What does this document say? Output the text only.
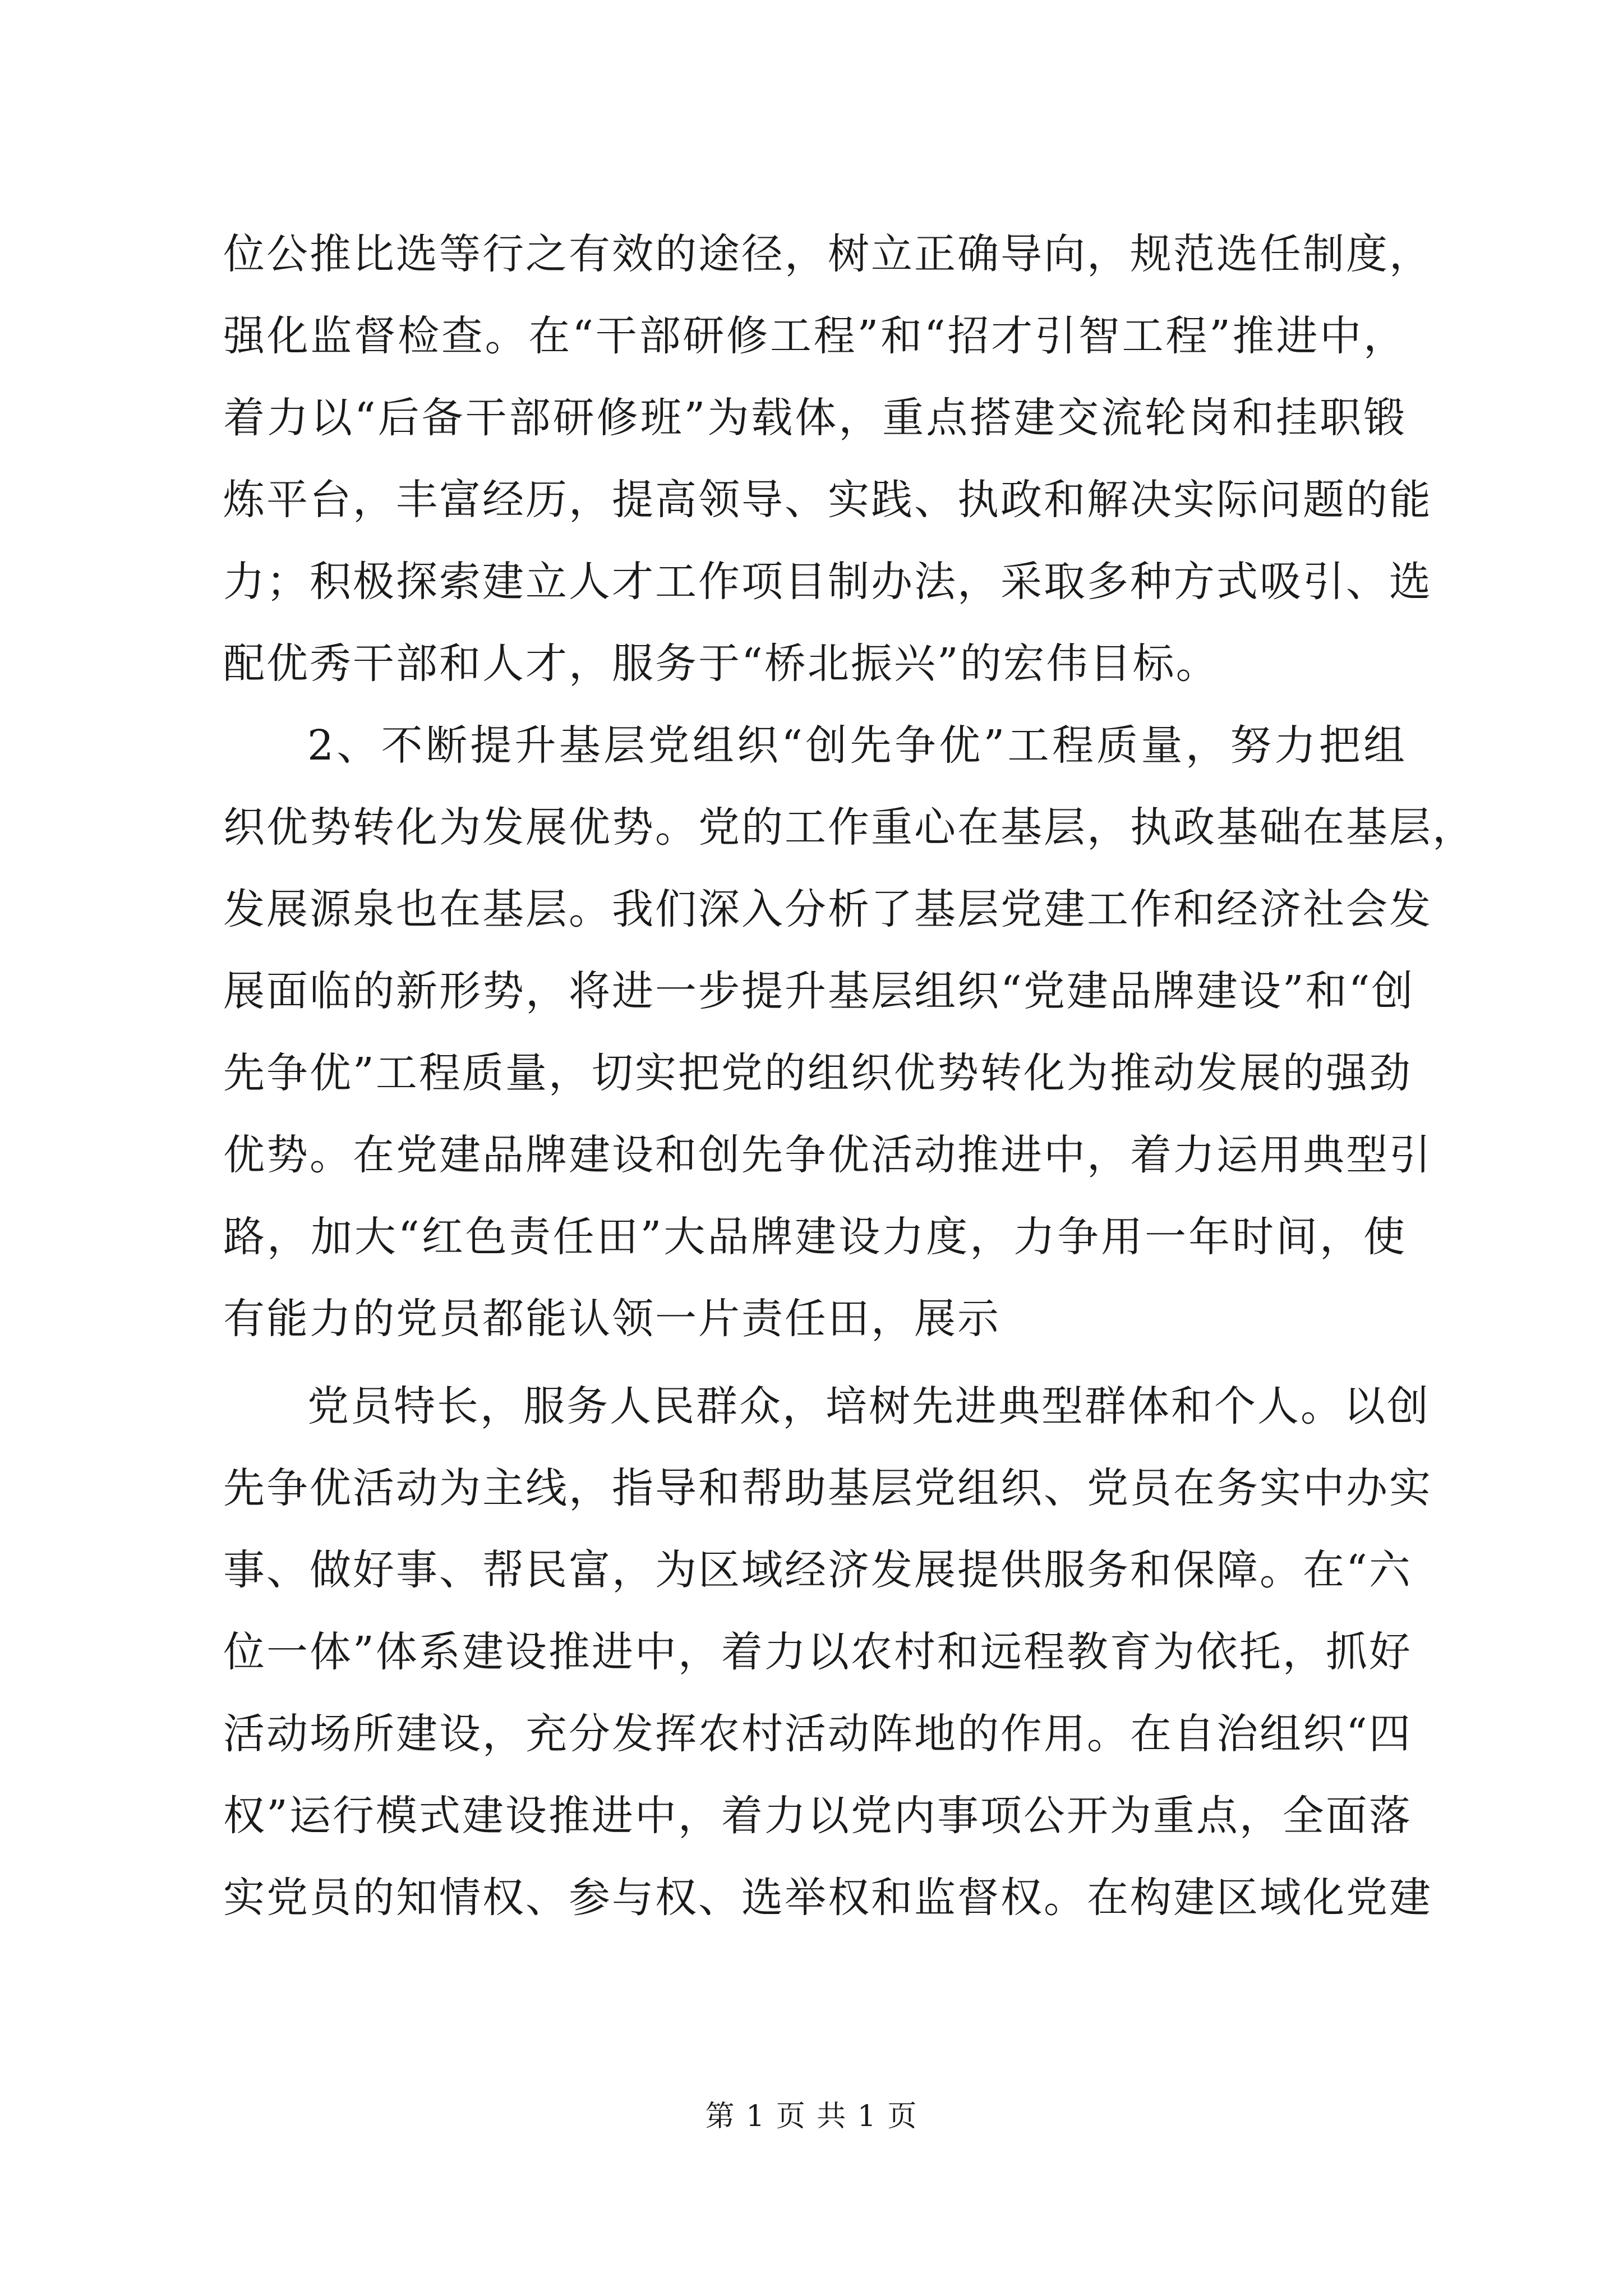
位公推比选等行之有效的途径，树立正确导向，规范选任制度，
强化监督检查。在“干部研修工程”和“招才引智工程”推进中，
着力以“后备干部研修班”为载体，重点搭建交流轮岗和挂职锻
炼平台，丰富经历，提高领导、实践、执政和解决实际问题的能
力；积极探索建立人才工作项目制办法，采取多种方式吸引、选
配优秀干部和人才，服务于“桥北振兴”的宏伟目标。
2、不断提升基层党组织“创先争优”工程质量，努力把组
织优势转化为发展优势。党的工作重心在基层，执政基础在基层，
发展源泉也在基层。我们深入分析了基层党建工作和经济社会发
展面临的新形势，将进一步提升基层组织“党建品牌建设”和“创
先争优”工程质量，切实把党的组织优势转化为推动发展的强劲
优势。在党建品牌建设和创先争优活动推进中，着力运用典型引
路，加大“红色责任田”大品牌建设力度，力争用一年时间，使
有能力的党员都能认领一片责任田，展示
党员特长，服务人民群众，培树先进典型群体和个人。以创
先争优活动为主线，指导和帮助基层党组织、党员在务实中办实
事、做好事、帮民富，为区域经济发展提供服务和保障。在“六
位一体”体系建设推进中，着力以农村和远程教育为依托，抓好
活动场所建设，充分发挥农村活动阵地的作用。在自治组织“四
权”运行模式建设推进中，着力以党内事项公开为重点，全面落
实党员的知情权、参与权、选举权和监督权。在构建区域化党建
第 1 页 共 1 页
